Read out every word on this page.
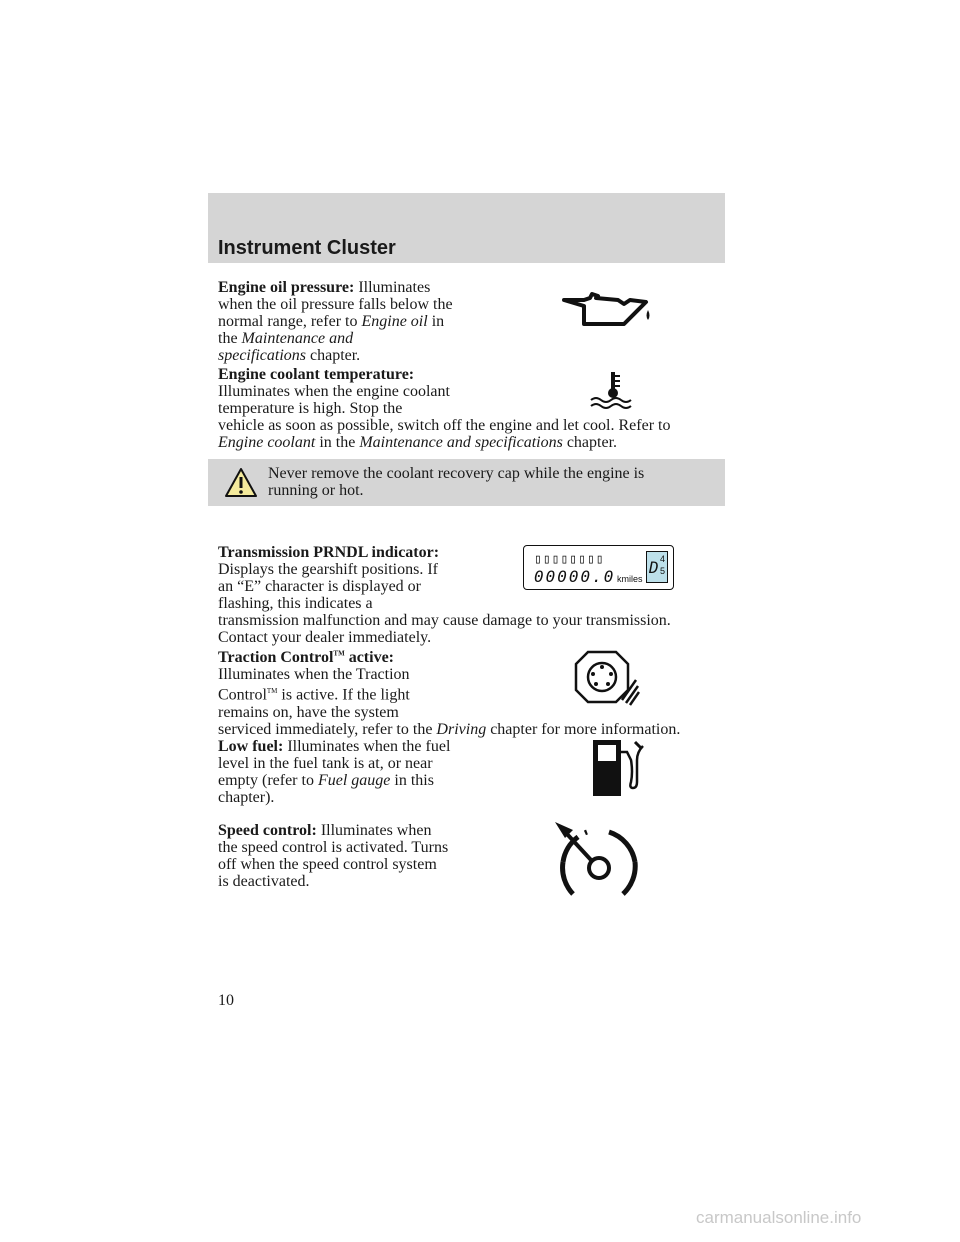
Instrument Cluster
Engine oil pressure: Illuminates
when the oil pressure falls below the
normal range, refer to Engine oil in
the Maintenance and
specifications chapter.
Engine coolant temperature:
Illuminates when the engine coolant
temperature is high. Stop the
vehicle as soon as possible, switch off the engine and let cool. Refer to
Engine coolant in the Maintenance and specifications chapter.
Never remove the coolant recovery cap while the engine is
running or hot.
Transmission PRNDL indicator:
Displays the gearshift positions. If
an “E” character is displayed or
flashing, this indicates a
transmission malfunction and may cause damage to your transmission.
Contact your dealer immediately.
▯▯▯▯▯▯▯▯
00000.0 kmiles
D 4
5
Traction Control™ active:
Illuminates when the Traction
Control™ is active. If the light
remains on, have the system
serviced immediately, refer to the Driving chapter for more information.
Low fuel: Illuminates when the fuel
level in the fuel tank is at, or near
empty (refer to Fuel gauge in this
chapter).
Speed control: Illuminates when
the speed control is activated. Turns
off when the speed control system
is deactivated.
10
carmanualsonline.info
